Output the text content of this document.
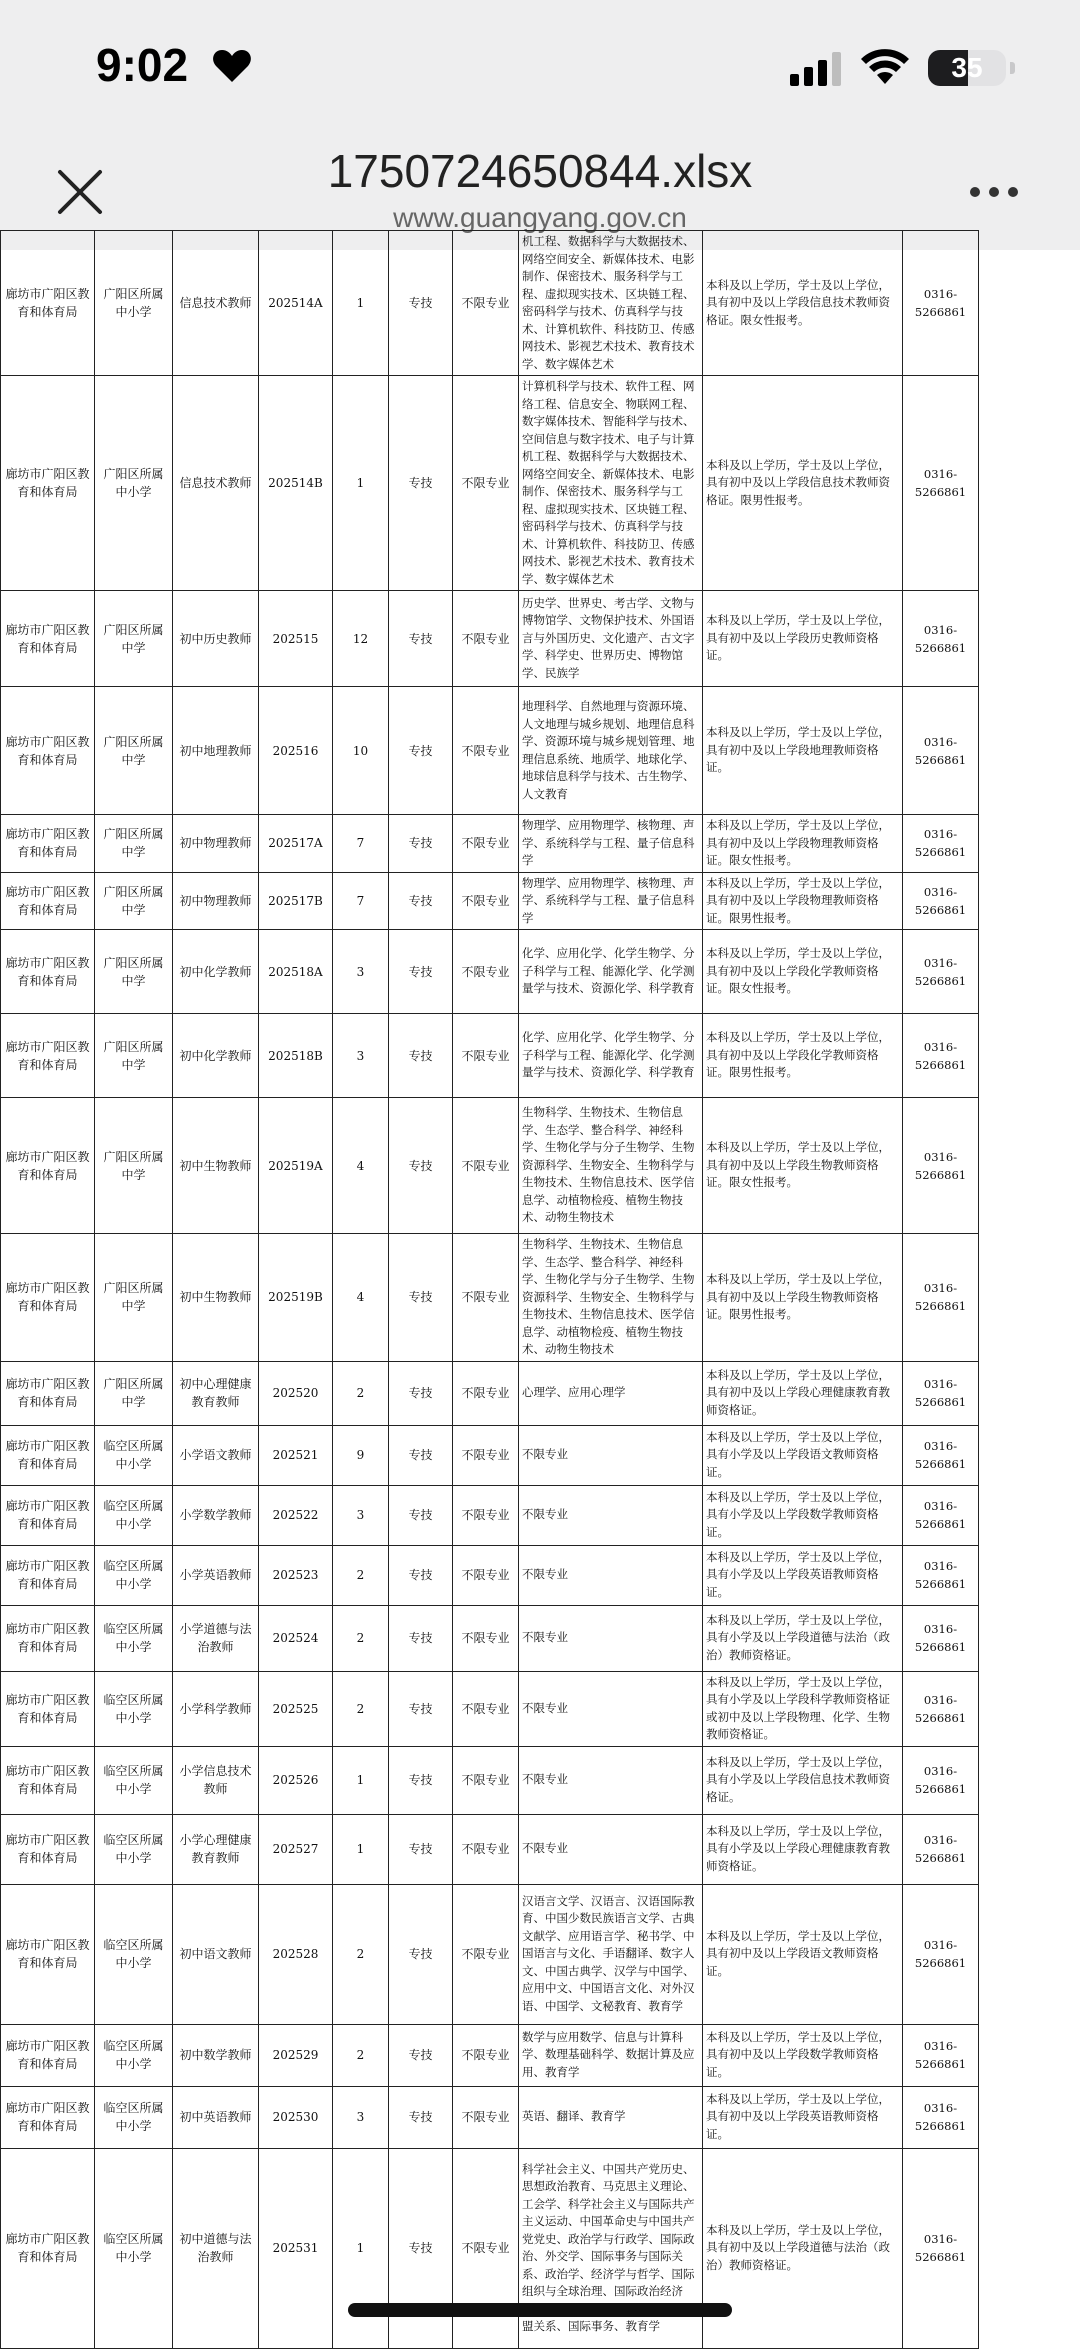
9:02	35
1750724650844.xlsx
www.guangyang.gov.cn
廊坊市广阳区教育和体育局	广阳区所属中小学	信息技术教师	202514A	1	专技	不限专业	机工程、数据科学与大数据技术、网络空间安全、新媒体技术、电影制作、保密技术、服务科学与工程、虚拟现实技术、区块链工程、密码科学与技术、仿真科学与技术、计算机软件、科技防卫、传感网技术、影视艺术技术、教育技术学、数字媒体艺术	本科及以上学历，学士及以上学位，具有初中及以上学段信息技术教师资格证。限女性报考。	0316-5266861
廊坊市广阳区教育和体育局	广阳区所属中小学	信息技术教师	202514B	1	专技	不限专业	计算机科学与技术、软件工程、网络工程、信息安全、物联网工程、数字媒体技术、智能科学与技术、空间信息与数字技术、电子与计算机工程、数据科学与大数据技术、网络空间安全、新媒体技术、电影制作、保密技术、服务科学与工程、虚拟现实技术、区块链工程、密码科学与技术、仿真科学与技术、计算机软件、科技防卫、传感网技术、影视艺术技术、教育技术学、数字媒体艺术	本科及以上学历，学士及以上学位，具有初中及以上学段信息技术教师资格证。限男性报考。	0316-5266861
廊坊市广阳区教育和体育局	广阳区所属中学	初中历史教师	202515	12	专技	不限专业	历史学、世界史、考古学、文物与博物馆学、文物保护技术、外国语言与外国历史、文化遗产、古文字学、科学史、世界历史、博物馆学、民族学	本科及以上学历，学士及以上学位，具有初中及以上学段历史教师资格证。	0316-5266861
廊坊市广阳区教育和体育局	广阳区所属中学	初中地理教师	202516	10	专技	不限专业	地理科学、自然地理与资源环境、人文地理与城乡规划、地理信息科学、资源环境与城乡规划管理、地理信息系统、地质学、地球化学、地球信息科学与技术、古生物学、人文教育	本科及以上学历，学士及以上学位，具有初中及以上学段地理教师资格证。	0316-5266861
廊坊市广阳区教育和体育局	广阳区所属中学	初中物理教师	202517A	7	专技	不限专业	物理学、应用物理学、核物理、声学、系统科学与工程、量子信息科学	本科及以上学历，学士及以上学位，具有初中及以上学段物理教师资格证。限女性报考。	0316-5266861
廊坊市广阳区教育和体育局	广阳区所属中学	初中物理教师	202517B	7	专技	不限专业	物理学、应用物理学、核物理、声学、系统科学与工程、量子信息科学	本科及以上学历，学士及以上学位，具有初中及以上学段物理教师资格证。限男性报考。	0316-5266861
廊坊市广阳区教育和体育局	广阳区所属中学	初中化学教师	202518A	3	专技	不限专业	化学、应用化学、化学生物学、分子科学与工程、能源化学、化学测量学与技术、资源化学、科学教育	本科及以上学历，学士及以上学位，具有初中及以上学段化学教师资格证。限女性报考。	0316-5266861
廊坊市广阳区教育和体育局	广阳区所属中学	初中化学教师	202518B	3	专技	不限专业	化学、应用化学、化学生物学、分子科学与工程、能源化学、化学测量学与技术、资源化学、科学教育	本科及以上学历，学士及以上学位，具有初中及以上学段化学教师资格证。限男性报考。	0316-5266861
廊坊市广阳区教育和体育局	广阳区所属中学	初中生物教师	202519A	4	专技	不限专业	生物科学、生物技术、生物信息学、生态学、整合科学、神经科学、生物化学与分子生物学、生物资源科学、生物安全、生物科学与生物技术、生物信息技术、医学信息学、动植物检疫、植物生物技术、动物生物技术	本科及以上学历，学士及以上学位，具有初中及以上学段生物教师资格证。限女性报考。	0316-5266861
廊坊市广阳区教育和体育局	广阳区所属中学	初中生物教师	202519B	4	专技	不限专业	生物科学、生物技术、生物信息学、生态学、整合科学、神经科学、生物化学与分子生物学、生物资源科学、生物安全、生物科学与生物技术、生物信息技术、医学信息学、动植物检疫、植物生物技术、动物生物技术	本科及以上学历，学士及以上学位，具有初中及以上学段生物教师资格证。限男性报考。	0316-5266861
廊坊市广阳区教育和体育局	广阳区所属中学	初中心理健康教育教师	202520	2	专技	不限专业	心理学、应用心理学	本科及以上学历，学士及以上学位，具有初中及以上学段心理健康教育教师资格证。	0316-5266861
廊坊市广阳区教育和体育局	临空区所属中小学	小学语文教师	202521	9	专技	不限专业	不限专业	本科及以上学历，学士及以上学位，具有小学及以上学段语文教师资格证。	0316-5266861
廊坊市广阳区教育和体育局	临空区所属中小学	小学数学教师	202522	3	专技	不限专业	不限专业	本科及以上学历，学士及以上学位，具有小学及以上学段数学教师资格证。	0316-5266861
廊坊市广阳区教育和体育局	临空区所属中小学	小学英语教师	202523	2	专技	不限专业	不限专业	本科及以上学历，学士及以上学位，具有小学及以上学段英语教师资格证。	0316-5266861
廊坊市广阳区教育和体育局	临空区所属中小学	小学道德与法治教师	202524	2	专技	不限专业	不限专业	本科及以上学历，学士及以上学位，具有小学及以上学段道德与法治（政治）教师资格证。	0316-5266861
廊坊市广阳区教育和体育局	临空区所属中小学	小学科学教师	202525	2	专技	不限专业	不限专业	本科及以上学历，学士及以上学位，具有小学及以上学段科学教师资格证或初中及以上学段物理、化学、生物教师资格证。	0316-5266861
廊坊市广阳区教育和体育局	临空区所属中小学	小学信息技术教师	202526	1	专技	不限专业	不限专业	本科及以上学历，学士及以上学位，具有小学及以上学段信息技术教师资格证。	0316-5266861
廊坊市广阳区教育和体育局	临空区所属中小学	小学心理健康教育教师	202527	1	专技	不限专业	不限专业	本科及以上学历，学士及以上学位，具有小学及以上学段心理健康教育教师资格证。	0316-5266861
廊坊市广阳区教育和体育局	临空区所属中小学	初中语文教师	202528	2	专技	不限专业	汉语言文学、汉语言、汉语国际教育、中国少数民族语言文学、古典文献学、应用语言学、秘书学、中国语言与文化、手语翻译、数字人文、中国古典学、汉学与中国学、应用中文、中国语言文化、对外汉语、中国学、文秘教育、教育学	本科及以上学历，学士及以上学位，具有初中及以上学段语文教师资格证。	0316-5266861
廊坊市广阳区教育和体育局	临空区所属中小学	初中数学教师	202529	2	专技	不限专业	数学与应用数学、信息与计算科学、数理基础科学、数据计算及应用、教育学	本科及以上学历，学士及以上学位，具有初中及以上学段数学教师资格证。	0316-5266861
廊坊市广阳区教育和体育局	临空区所属中小学	初中英语教师	202530	3	专技	不限专业	英语、翻译、教育学	本科及以上学历，学士及以上学位，具有初中及以上学段英语教师资格证。	0316-5266861
廊坊市广阳区教育和体育局	临空区所属中小学	初中道德与法治教师	202531	1	专技	不限专业	科学社会主义、中国共产党历史、思想政治教育、马克思主义理论、工会学、科学社会主义与国际共产主义运动、中国革命史与中国共产党党史、政治学与行政学、国际政治、外交学、国际事务与国际关系、政治学、经济学与哲学、国际组织与全球治理、国际政治经济 盟关系、国际事务、教育学	本科及以上学历，学士及以上学位，具有初中及以上学段道德与法治（政治）教师资格证。	0316-5266861
